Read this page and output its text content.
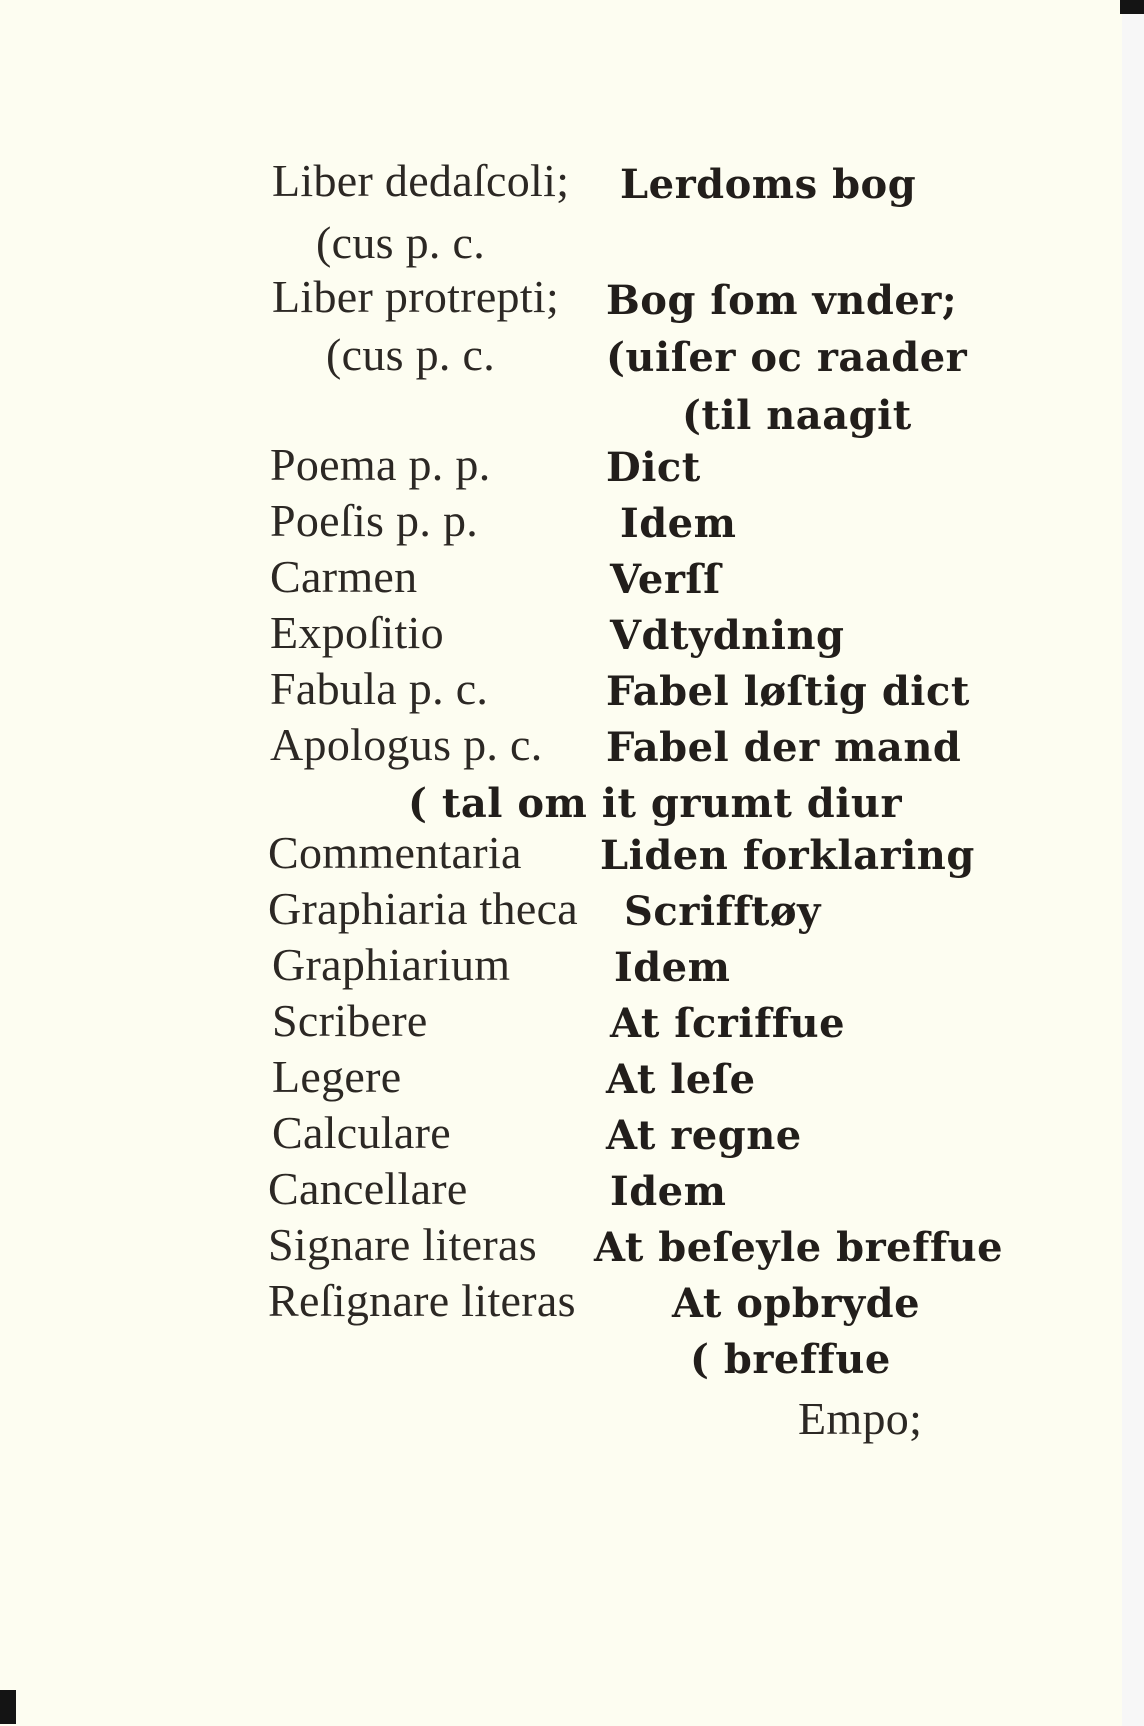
Liber dedaſcoli; Lerdoms bog
(cus p. c.
Liber protrepti; Bog ſom vnder;
(cus p. c.	(uiſer oc raader
(til naagit
Poema p. p.	Dict
Poeſis p. p.	Idem
Carmen	Verſſ
Expoſitio	Vdtydning
Fabula p. c.	Fabel løſtig dict
Apologus p. c. Fabel der mand
( tal om it grumt diur
Commentaria Liden forklaring
Graphiaria theca Scrifftøy
Graphiarium	Idem
Scribere	At ſcriffue
Legere	At leſe
Calculare	At regne
Cancellare	Idem
Signare literas At beſeyle breffue
Reſignare literas At opbryde
( breffue
Empo;
